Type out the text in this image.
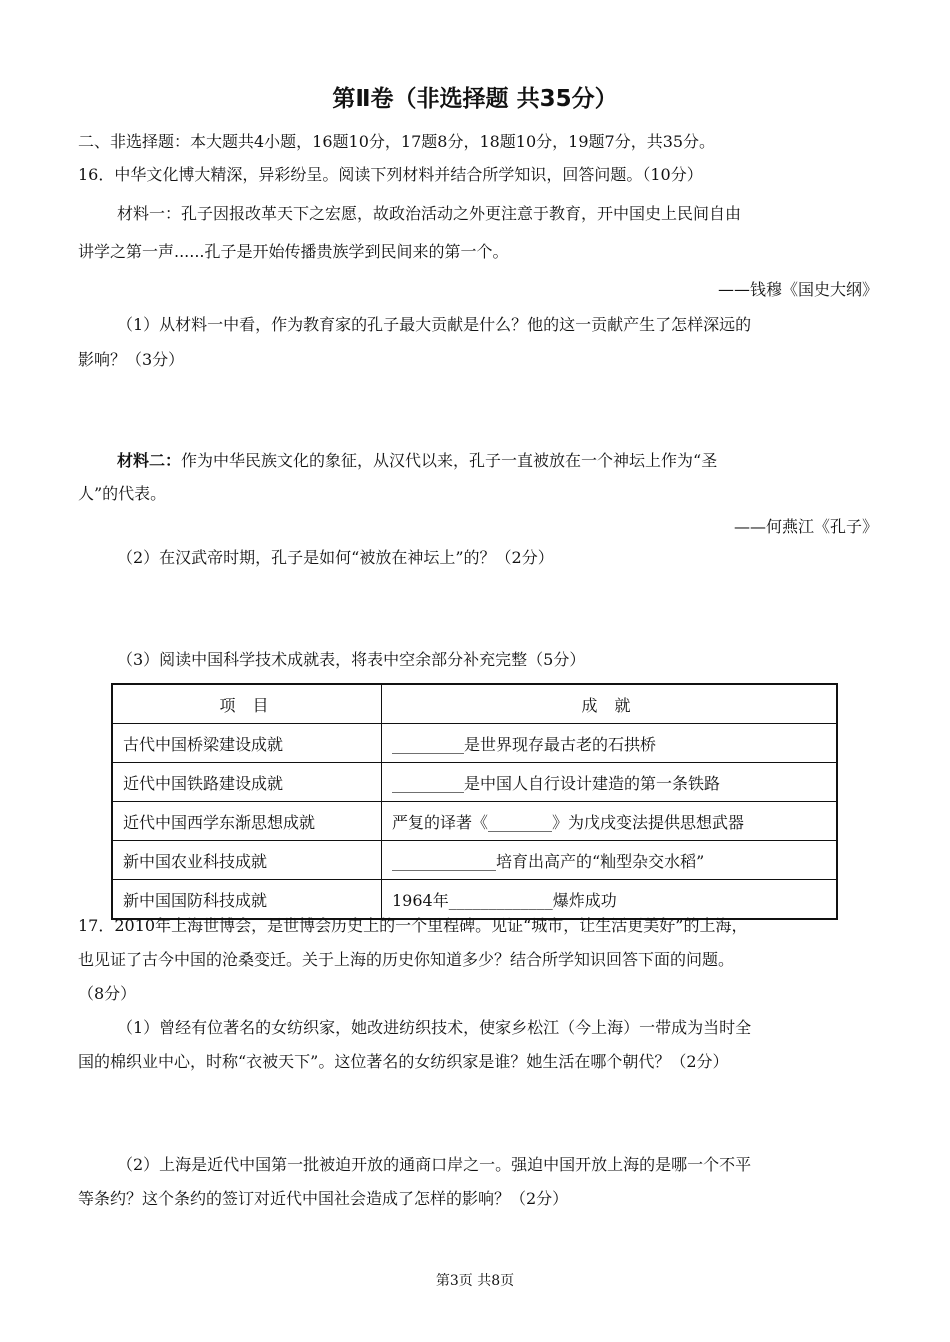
第Ⅱ卷（非选择题 共35分）
二、非选择题：本大题共4小题，16题10分，17题8分，18题10分，19题7分，共35分。
16．中华文化博大精深，异彩纷呈。阅读下列材料并结合所学知识，回答问题。（10分）
材料一：孔子因报改革天下之宏愿，故政治活动之外更注意于教育，开中国史上民间自由
讲学之第一声......孔子是开始传播贵族学到民间来的第一个。
——钱穆《国史大纲》
（1）从材料一中看，作为教育家的孔子最大贡献是什么？他的这一贡献产生了怎样深远的
影响？（3分）
材料二：作为中华民族文化的象征，从汉代以来，孔子一直被放在一个神坛上作为“圣
人”的代表。
——何燕江《孔子》
（2）在汉武帝时期，孔子是如何“被放在神坛上”的？（2分）
（3）阅读中国科学技术成就表，将表中空余部分补充完整（5分）
项 目	成 就
古代中国桥梁建设成就	_________是世界现存最古老的石拱桥
近代中国铁路建设成就	_________是中国人自行设计建造的第一条铁路
近代中国西学东渐思想成就	严复的译著《________》为戊戌变法提供思想武器
新中国农业科技成就	_____________培育出高产的“籼型杂交水稻”
新中国国防科技成就	1964年_____________爆炸成功
17．2010年上海世博会，是世博会历史上的一个里程碑。见证“城市，让生活更美好”的上海，
也见证了古今中国的沧桑变迁。关于上海的历史你知道多少？结合所学知识回答下面的问题。
（8分）
（1）曾经有位著名的女纺织家，她改进纺织技术，使家乡松江（今上海）一带成为当时全
国的棉织业中心，时称“衣被天下”。这位著名的女纺织家是谁？她生活在哪个朝代？（2分）
（2）上海是近代中国第一批被迫开放的通商口岸之一。强迫中国开放上海的是哪一个不平
等条约？这个条约的签订对近代中国社会造成了怎样的影响？（2分）
第3页 共8页
